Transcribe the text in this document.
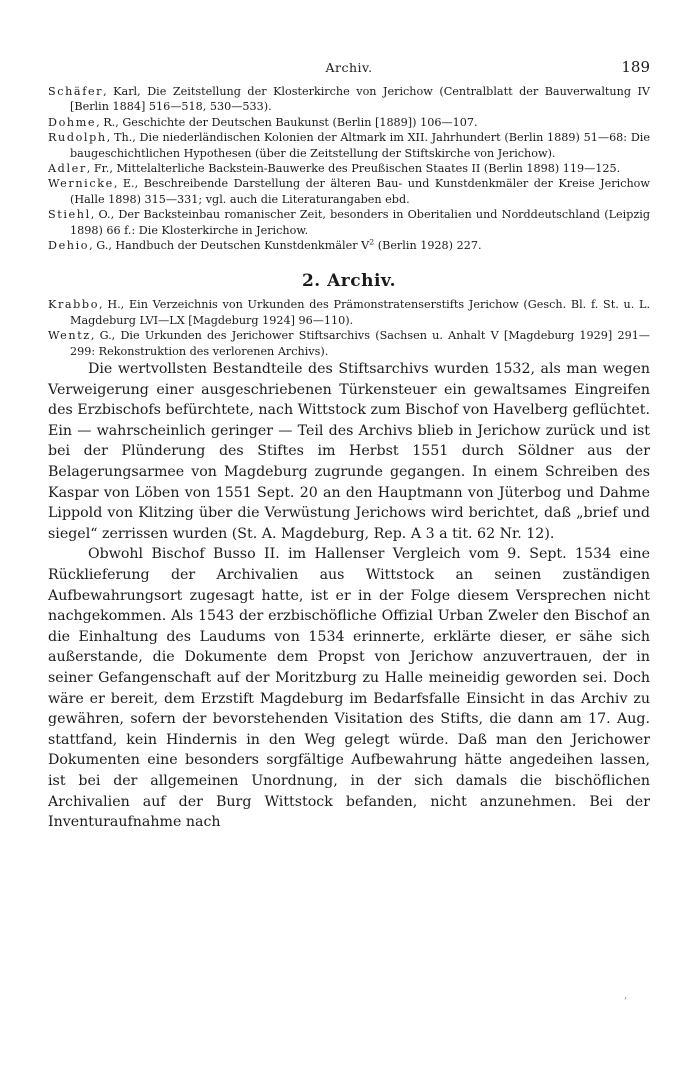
Archiv.	189
Schäfer, Karl, Die Zeitstellung der Klosterkirche von Jerichow (Centralblatt der Bauverwaltung IV [Berlin 1884] 516—518, 530—533).
Dohme, R., Geschichte der Deutschen Baukunst (Berlin [1889]) 106—107.
Rudolph, Th., Die niederländischen Kolonien der Altmark im XII. Jahrhundert (Berlin 1889) 51—68: Die baugeschichtlichen Hypothesen (über die Zeitstellung der Stiftskirche von Jerichow).
Adler, Fr., Mittelalterliche Backstein-Bauwerke des Preußischen Staates II (Berlin 1898) 119—125.
Wernicke, E., Beschreibende Darstellung der älteren Bau- und Kunstdenkmäler der Kreise Jerichow (Halle 1898) 315—331; vgl. auch die Literaturangaben ebd.
Stiehl, O., Der Backsteinbau romanischer Zeit, besonders in Oberitalien und Norddeutschland (Leipzig 1898) 66 f.: Die Klosterkirche in Jerichow.
Dehio, G., Handbuch der Deutschen Kunstdenkmäler $V^2$ (Berlin 1928) 227.
2. Archiv.
Krabbo, H., Ein Verzeichnis von Urkunden des Prämonstratenserstifts Jerichow (Gesch. Bl. f. St. u. L. Magdeburg LVI—LX [Magdeburg 1924] 96—110).
Wentz, G., Die Urkunden des Jerichower Stiftsarchivs (Sachsen u. Anhalt V [Magdeburg 1929] 291—299: Rekonstruktion des verlorenen Archivs).

Die wertvollsten Bestandteile des Stiftsarchivs wurden 1532, als man wegen Verweigerung einer ausgeschriebenen Türkensteuer ein gewaltsames Eingreifen des Erzbischofs befürchtete, nach Wittstock zum Bischof von Havelberg geflüchtet. Ein — wahrscheinlich geringer — Teil des Archivs blieb in Jerichow zurück und ist bei der Plünderung des Stiftes im Herbst 1551 durch Söldner aus der Belagerungsarmee von Magdeburg zugrunde gegangen. In einem Schreiben des Kaspar von Löben von 1551 Sept. 20 an den Hauptmann von Jüterbog und Dahme Lippold von Klitzing über die Verwüstung Jerichows wird berichtet, daß „brief und siegel“ zerrissen wurden (St. A. Magdeburg, Rep. A 3 a tit. 62 Nr. 12).

Obwohl Bischof Busso II. im Hallenser Vergleich vom 9. Sept. 1534 eine Rücklieferung der Archivalien aus Wittstock an seinen zuständigen Aufbewahrungsort zugesagt hatte, ist er in der Folge diesem Versprechen nicht nachgekommen. Als 1543 der erzbischöfliche Offizial Urban Zweler den Bischof an die Einhaltung des Laudums von 1534 erinnerte, erklärte dieser, er sähe sich außerstande, die Dokumente dem Propst von Jerichow anzuvertrauen, der in seiner Gefangenschaft auf der Moritzburg zu Halle meineidig geworden sei. Doch wäre er bereit, dem Erzstift Magdeburg im Bedarfsfalle Einsicht in das Archiv zu gewähren, sofern der bevorstehenden Visitation des Stifts, die dann am 17. Aug. stattfand, kein Hindernis in den Weg gelegt würde. Daß man den Jerichower Dokumenten eine besonders sorgfältige Aufbewahrung hätte angedeihen lassen, ist bei der allgemeinen Unordnung, in der sich damals die bischöflichen Archivalien auf der Burg Wittstock befanden, nicht anzunehmen. Bei der Inventuraufnahme nach

‚
